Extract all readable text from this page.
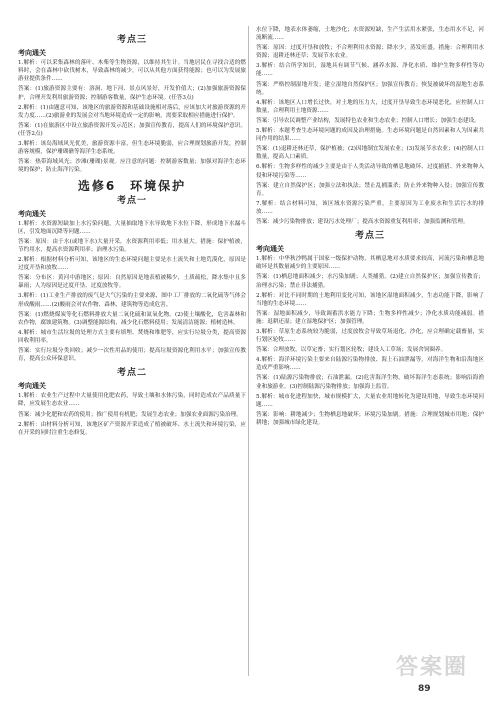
考点三
考向通关

1.解析：可以采集森林的落叶、木柴等生物资源，以维持其生计。当地居民在寻找合适的燃料时，会在森林中砍伐树木，导致森林的减少，可以从其他方面获得能源；也可以为发展旅游业提供条件……

答案：(1)旅游资源主要有：溶洞、地下河、景点风景好，开发价值大；(2)加强旅游资源保护，合理开发利用旅游资源；控制游客数量，保护生态环境。(任答3点)

2.解析：(1)由题意可知，该地区的旅游资源和基础设施相对落后，应该加大对旅游资源的开发力度……(2)旅游业的发展会对当地环境造成一定的影响，需要采取相应措施进行保护。

答案：(1)在旅游区中设立旅游资源开发示范区；加强宣传教育，提高人们的环境保护意识。(任答2点)

3.解析：该岛海域风光优美，旅游资源丰富，但生态环境脆弱，应合理规划旅游开发，控制游客规模，保护珊瑚礁等海洋生态系统。

答案：热带海域风光；沙滩(珊瑚)景观。应注意的问题：控制游客数量；加强对海洋生态环境的保护；防止海洋污染。

选修6　环境保护
考点一
考向通关

1.解析：水资源短缺加上水污染问题，大量抽取地下水导致地下水位下降，形成地下水漏斗区，引发地面沉降等问题……

答案：原因：由于水(或地下水)大量开采，水资源利用率低；用水量大。措施：保护植被，节约用水，提高水资源利用率；治理水污染。

2.解析：根据材料分析可知，该地区的生态环境问题主要是水土流失和土地荒漠化，原因是过度开垦和放牧……

答案：分布区：黄河中游地区；原因：自然原因是地表植被稀少，土质疏松，降水集中且多暴雨；人为原因是过度开垦、过度放牧等。

3.解析：(1)工业生产排放的废气是大气污染的主要来源，图中工厂排放的二氧化硫等气体会形成酸雨……(2)酸雨会对农作物、森林、建筑物等造成危害。

答案：(1)燃烧煤炭等化石燃料排放大量二氧化硫和氮氧化物。(2)使土壤酸化，危害森林和农作物，腐蚀建筑物。(3)调整能源结构，减少化石燃料使用；发展清洁能源；植树造林。

4.解析：城市生活垃圾的处理方式主要有填埋、焚烧和堆肥等，应实行垃圾分类，提高资源回收利用率。

答案：实行垃圾分类回收；减少一次性用品的使用；提高垃圾资源化利用水平；加强宣传教育，提高公众环保意识。

考点二
考向通关

1.解析：农业生产过程中大量使用化肥农药，导致土壤和水体污染，同时造成农产品质量下降，应发展生态农业……

答案：减少化肥和农药的使用；推广使用有机肥；发展生态农业；加强农业面源污染治理。

2.解析：由材料分析可知，该地区矿产资源开采造成了植被破坏、水土流失和环境污染，应在开采的同时注重生态修复。

水位下降，地表水体萎缩，土地沙化；水资源短缺，生产生活用水紧张，生态用水不足，河流断流……

答案：原因：过度开垦和放牧；不合理利用水资源；降水少，蒸发旺盛。措施：合理利用水资源；退耕还林还草；发展节水农业。

3.解析：结合所学知识，湿地具有调节气候、涵养水源、净化水质、维护生物多样性等功能……

答案：严格控制湿地开发；建立湿地自然保护区；加强宣传教育；恢复被破坏的湿地生态系统。

4.解析：该地区人口增长过快，对土地的压力大，过度开垦导致生态环境恶化，应控制人口数量，合理利用土地资源……

答案：引导农民调整产业结构，发展特色农业和生态农业；控制人口增长；加强生态建设。

5.解析：本题考查生态环境问题的成因及治理措施。生态环境问题是自然因素和人为因素共同作用的结果……

答案：(1)退耕还林还草，保护植被；(2)因地制宜发展农业；(3)发展节水农业；(4)控制人口数量，提高人口素质。

6.解析：生物多样性的减少主要是由于人类活动导致的栖息地破坏、过度捕猎、外来物种入侵和环境污染等……

答案：建立自然保护区；加强立法和执法；禁止乱捕滥杀；防止外来物种入侵；加强宣传教育。

7.解析：结合材料可知，该区域水资源污染严重，主要原因为工业废水和生活污水的排放……

答案：减少污染物排放；建设污水处理厂；提高水资源重复利用率；加强监测和管理。

考点三
考向通关

1.解析：中华秋沙鸭属于国家一级保护动物，其栖息地对水质要求较高，河流污染和栖息地破坏是其数量减少的主要原因……

答案：(1)栖息地面积减少；水污染加剧；人类捕猎。(2)建立自然保护区；加强宣传教育；治理水污染；禁止非法捕猎。

2.解析：对比不同时期的土地利用变化可知，该地区湿地面积减少，生态功能下降，影响了当地的生态环境……

答案：湿地面积减少，导致调蓄洪水能力下降；生物多样性减少；净化水质功能减弱。措施：退耕还湿；建立湿地保护区；加强管理。

3.解析：草原生态系统较为脆弱，过度放牧会导致草场退化、沙化，应合理确定载畜量，实行划区轮牧……

答案：合理放牧，以草定畜；实行划区轮牧；建设人工草场；发展舍饲圈养。

4.解析：海洋环境污染主要来自陆源污染物排放、海上石油泄漏等，对海洋生物和沿海地区造成严重影响……

答案：(1)陆源污染物排放；石油泄漏。(2)危害海洋生物，破坏海洋生态系统；影响沿海渔业和旅游业。(3)控制陆源污染物排放；加强海上监管。

5.解析：城市化进程加快，城市规模扩大，大量农业用地转化为建设用地，导致生态环境问题……

答案：影响：耕地减少；生物栖息地破坏；环境污染加剧。措施：合理规划城市用地；保护耕地；加强城市绿化建设。

答案圈
89
